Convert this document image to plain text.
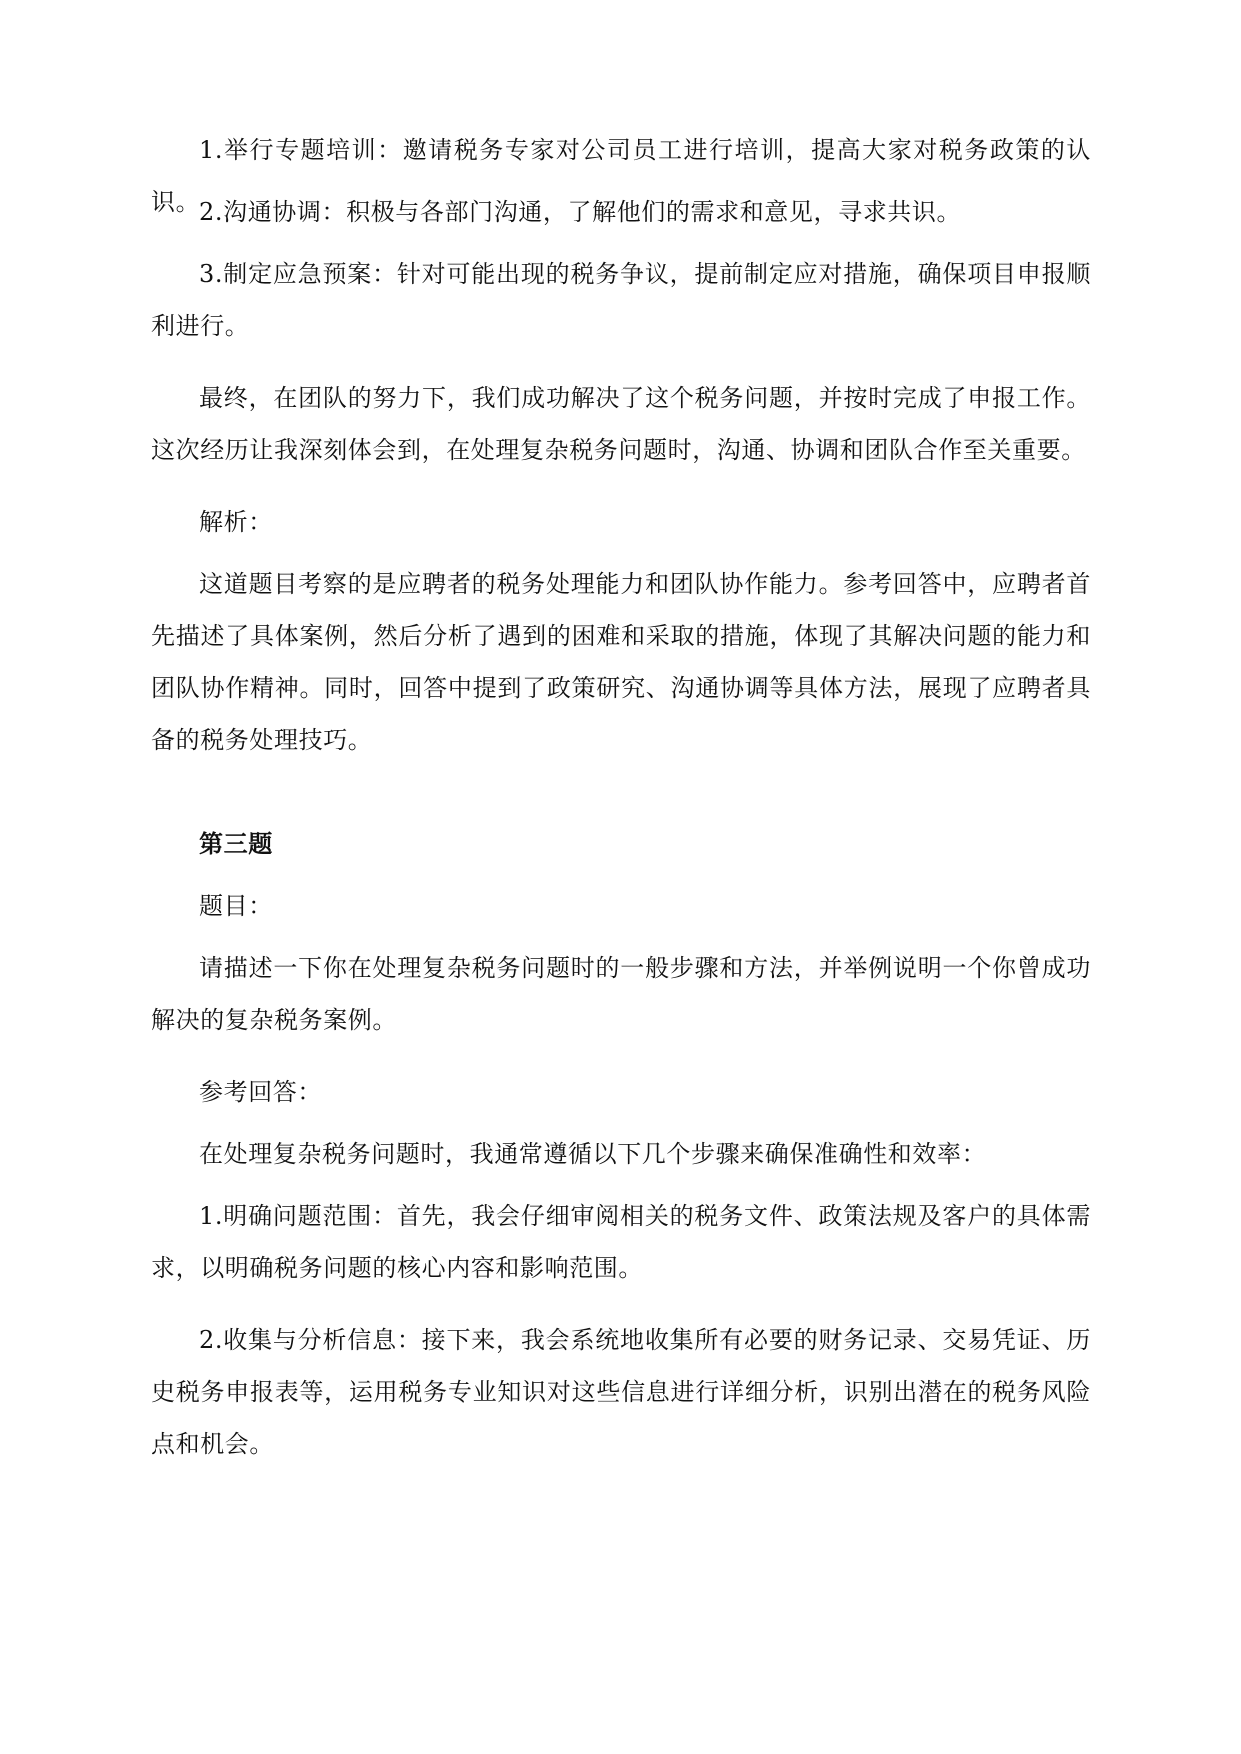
1.举行专题培训：邀请税务专家对公司员工进行培训，提高大家对税务政策的认识。

2.沟通协调：积极与各部门沟通，了解他们的需求和意见，寻求共识。

3.制定应急预案：针对可能出现的税务争议，提前制定应对措施，确保项目申报顺利进行。

最终，在团队的努力下，我们成功解决了这个税务问题，并按时完成了申报工作。这次经历让我深刻体会到，在处理复杂税务问题时，沟通、协调和团队合作至关重要。

解析：

这道题目考察的是应聘者的税务处理能力和团队协作能力。参考回答中，应聘者首先描述了具体案例，然后分析了遇到的困难和采取的措施，体现了其解决问题的能力和团队协作精神。同时，回答中提到了政策研究、沟通协调等具体方法，展现了应聘者具备的税务处理技巧。

第三题

题目：

请描述一下你在处理复杂税务问题时的一般步骤和方法，并举例说明一个你曾成功解决的复杂税务案例。

参考回答：

在处理复杂税务问题时，我通常遵循以下几个步骤来确保准确性和效率：

1.明确问题范围：首先，我会仔细审阅相关的税务文件、政策法规及客户的具体需求，以明确税务问题的核心内容和影响范围。

2.收集与分析信息：接下来，我会系统地收集所有必要的财务记录、交易凭证、历史税务申报表等，运用税务专业知识对这些信息进行详细分析，识别出潜在的税务风险点和机会。
